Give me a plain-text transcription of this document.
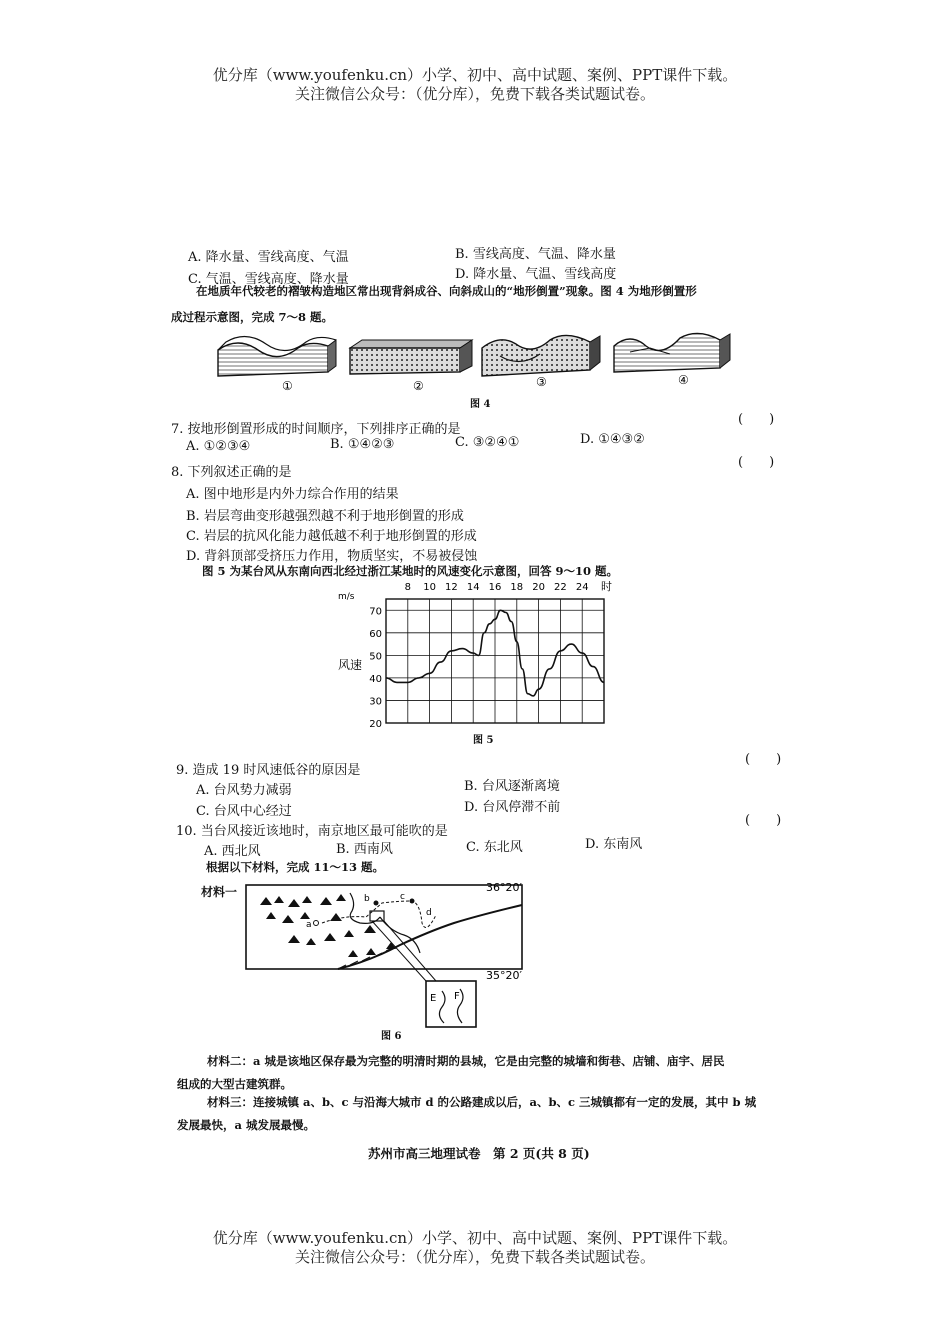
优分库（www.youfenku.cn）小学、初中、高中试题、案例、PPT课件下载。
关注微信公众号：（优分库），免费下载各类试题试卷。
A. 降水量、雪线高度、气温	B. 雪线高度、气温、降水量
C. 气温、雪线高度、降水量	D. 降水量、气温、雪线高度
在地质年代较老的褶皱构造地区常出现背斜成谷、向斜成山的“地形倒置”现象。图 4 为地形倒置形
成过程示意图，完成 7～8 题。
①	②	③	④
图 4
7. 按地形倒置形成的时间顺序，下列排序正确的是
(　　)
A. ①②③④	B. ①④②③	C. ③②④①	D. ①④③②
8. 下列叙述正确的是
(　　)
A. 图中地形是内外力综合作用的结果
B. 岩层弯曲变形越强烈越不利于地形倒置的形成
C. 岩层的抗风化能力越低越不利于地形倒置的形成
D. 背斜顶部受挤压力作用，物质坚实，不易被侵蚀
图 5 为某台风从东南向西北经过浙江某地时的风速变化示意图，回答 9～10 题。
8 10 12 14 16 18 20 22 24
70
60
50
40
30
20
m/s
风速
时
图 5
9. 造成 19 时风速低谷的原因是
(　　)
A. 台风势力减弱	B. 台风逐渐离境
C. 台风中心经过	D. 台风停滞不前
10. 当台风接近该地时，南京地区最可能吹的是
(　　)
A. 西北风	B. 西南风	C. 东北风	D. 东南风
根据以下材料，完成 11～13 题。
材料一
a
b	c
d
E F
36°20′
35°20′
图 6
材料二：a 城是该地区保存最为完整的明清时期的县城，它是由完整的城墙和街巷、店铺、庙宇、居民
组成的大型古建筑群。
材料三：连接城镇 a、b、c 与沿海大城市 d 的公路建成以后，a、b、c 三城镇都有一定的发展，其中 b 城
发展最快，a 城发展最慢。
苏州市高三地理试卷　第 2 页(共 8 页)
优分库（www.youfenku.cn）小学、初中、高中试题、案例、PPT课件下载。
关注微信公众号：（优分库），免费下载各类试题试卷。
